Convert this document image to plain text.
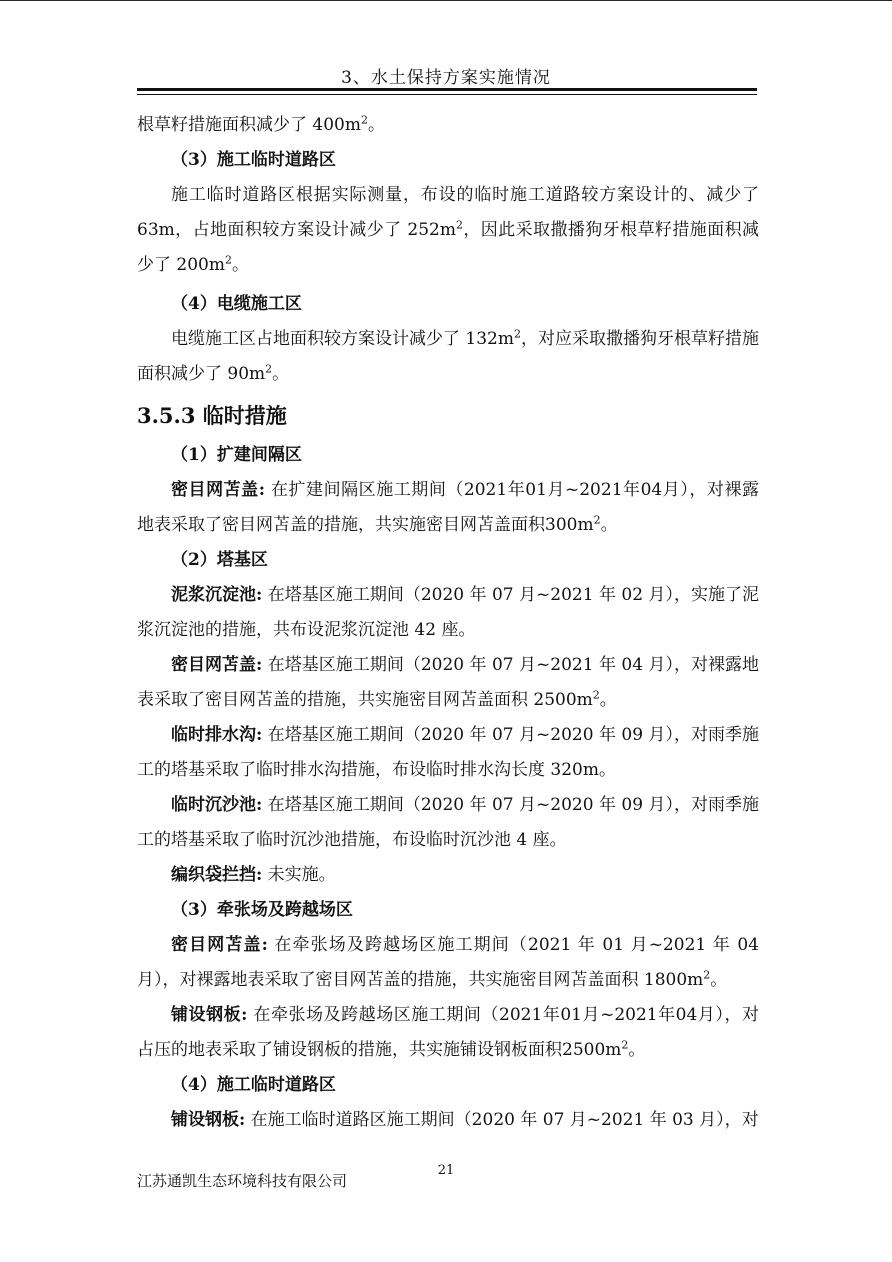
3、水土保持方案实施情况

根草籽措施面积减少了 $400m^2$。

（3）施工临时道路区

施工临时道路区根据实际测量，布设的临时施工道路较方案设计的、减少了 63m，占地面积较方案设计减少了 $252m^2$，因此采取撒播狗牙根草籽措施面积减少了 $200m^2$。

（4）电缆施工区

电缆施工区占地面积较方案设计减少了 $132m^2$，对应采取撒播狗牙根草籽措施面积减少了 $90m^2$。

3.5.3 临时措施

（1）扩建间隔区

密目网苫盖: 在扩建间隔区施工期间（2021年01月~2021年04月），对裸露地表采取了密目网苫盖的措施，共实施密目网苫盖面积$300m^2$。

（2）塔基区

泥浆沉淀池: 在塔基区施工期间（2020 年 07 月~2021 年 02 月），实施了泥浆沉淀池的措施，共布设泥浆沉淀池 42 座。

密目网苫盖: 在塔基区施工期间（2020 年 07 月~2021 年 04 月），对裸露地表采取了密目网苫盖的措施，共实施密目网苫盖面积 $2500m^2$。

临时排水沟: 在塔基区施工期间（2020 年 07 月~2020 年 09 月），对雨季施工的塔基采取了临时排水沟措施，布设临时排水沟长度 320m。

临时沉沙池: 在塔基区施工期间（2020 年 07 月~2020 年 09 月），对雨季施工的塔基采取了临时沉沙池措施，布设临时沉沙池 4 座。

编织袋拦挡: 未实施。

（3）牵张场及跨越场区

密目网苫盖: 在牵张场及跨越场区施工期间（2021 年 01 月~2021 年 04 月），对裸露地表采取了密目网苫盖的措施，共实施密目网苫盖面积 $1800m^2$。

铺设钢板: 在牵张场及跨越场区施工期间（2021年01月~2021年04月），对占压的地表采取了铺设钢板的措施，共实施铺设钢板面积$2500m^2$。

（4）施工临时道路区

铺设钢板: 在施工临时道路区施工期间（2020 年 07 月~2021 年 03 月），对

21
江苏通凯生态环境科技有限公司
